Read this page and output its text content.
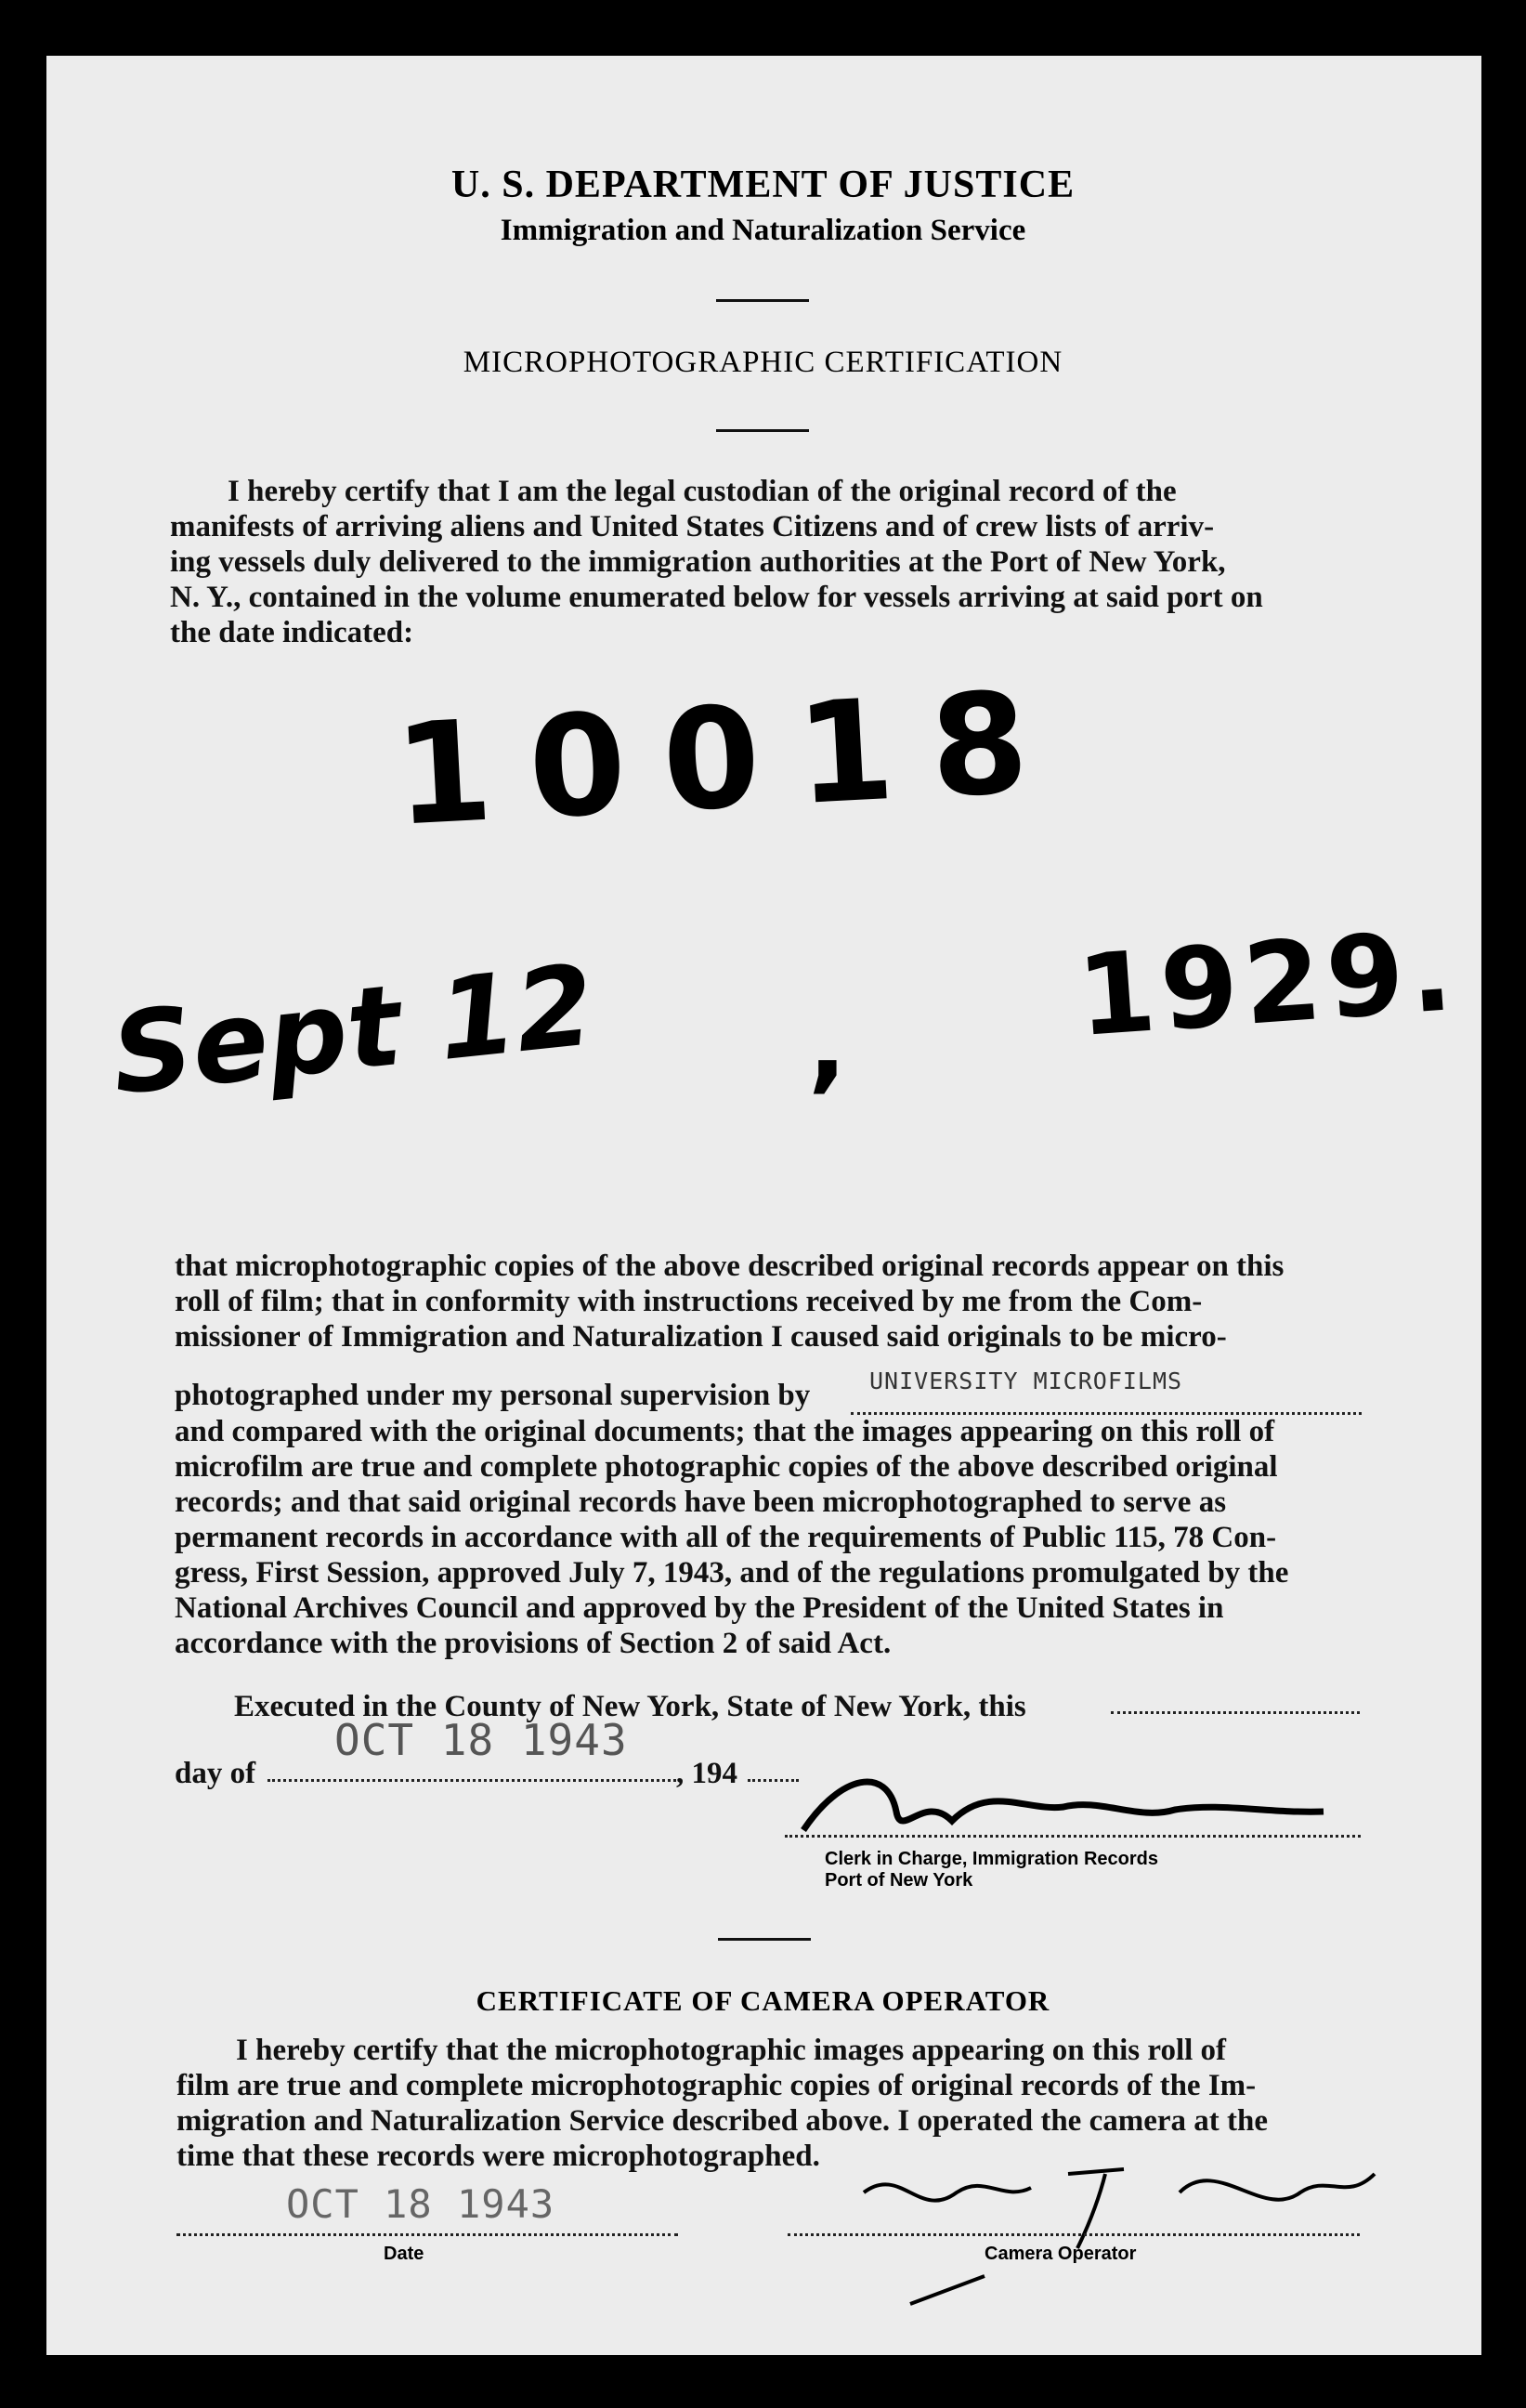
U. S. DEPARTMENT OF JUSTICE
Immigration and Naturalization Service
MICROPHOTOGRAPHIC CERTIFICATION
I hereby certify that I am the legal custodian of the original record of the
manifests of arriving aliens and United States Citizens and of crew lists of arriv-
ing vessels duly delivered to the immigration authorities at the Port of New York,
N. Y., contained in the volume enumerated below for vessels arriving at said port on
the date indicated:
10018
Sept 12 , 1929.
that microphotographic copies of the above described original records appear on this
roll of film; that in conformity with instructions received by me from the Com-
missioner of Immigration and Naturalization I caused said originals to be micro-
photographed under my personal supervision by	UNIVERSITY MICROFILMS
and compared with the original documents; that the images appearing on this roll of
microfilm are true and complete photographic copies of the above described original
records; and that said original records have been microphotographed to serve as
permanent records in accordance with all of the requirements of Public 115, 78 Con-
gress, First Session, approved July 7, 1943, and of the regulations promulgated by the
National Archives Council and approved by the President of the United States in
accordance with the provisions of Section 2 of said Act.
Executed in the County of New York, State of New York, this
day of
OCT 18 1943
, 194
Clerk in Charge, Immigration Records
Port of New York
CERTIFICATE OF CAMERA OPERATOR
I hereby certify that the microphotographic images appearing on this roll of
film are true and complete microphotographic copies of original records of the Im-
migration and Naturalization Service described above. I operated the camera at the
time that these records were microphotographed.
OCT 18 1943
Date	Camera Operator
